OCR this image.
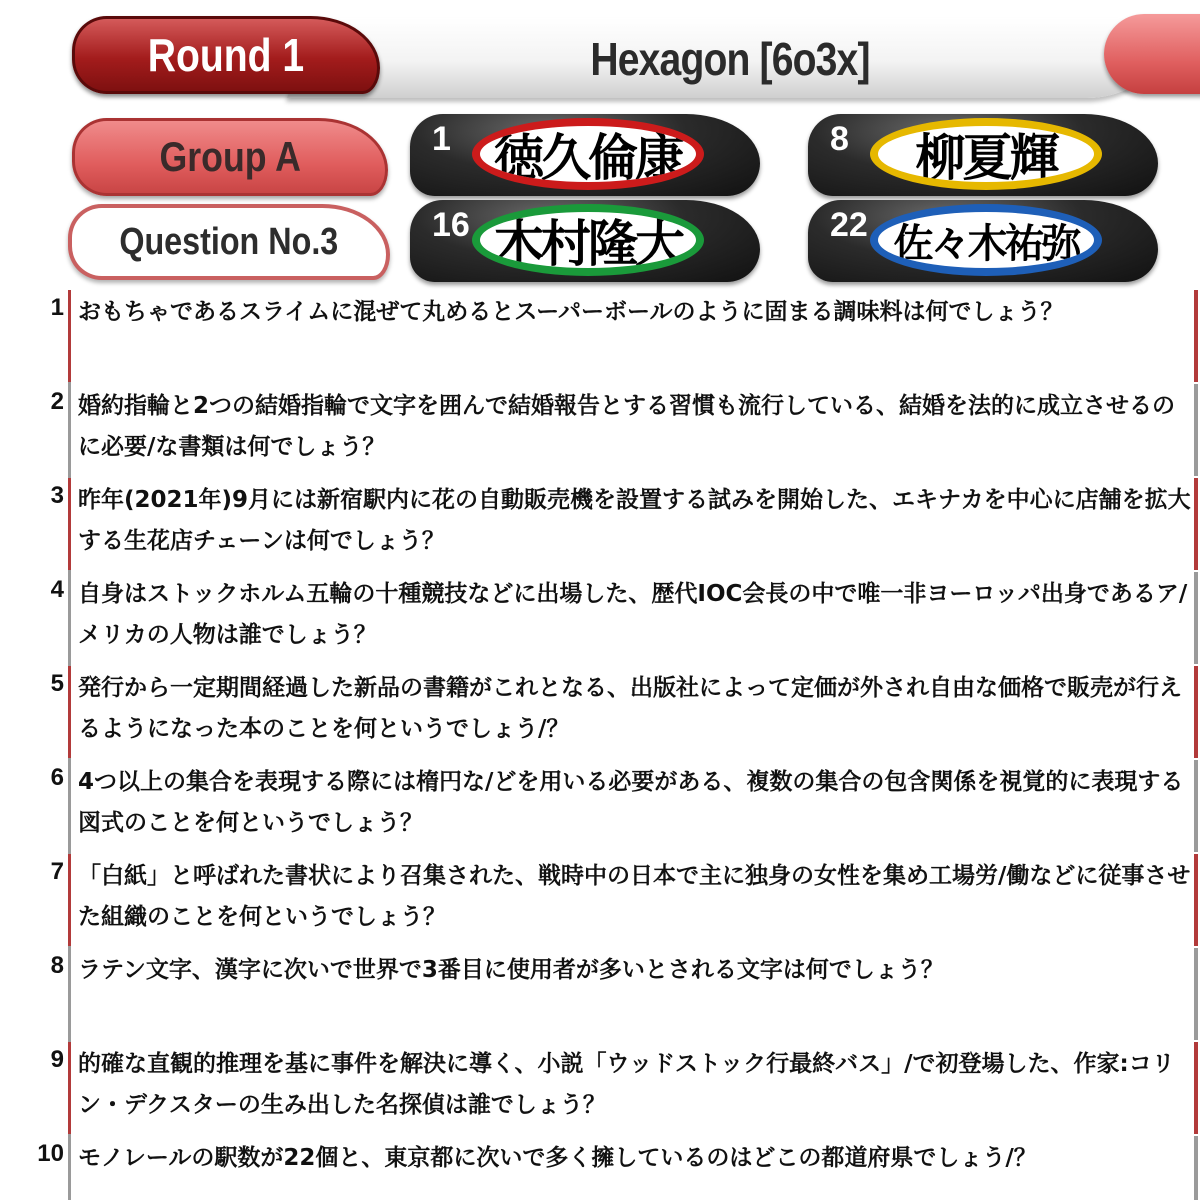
Hexagon [6o3x]
Round 1
Group A
Question No.3
1 徳久倫康	8 柳夏輝
16 木村隆大	22 佐々木祐弥
1 おもちゃであるスライムに混ぜて丸めるとスーパーボールのように固まる調味料は何でしょう？
2 婚約指輪と2つの結婚指輪で文字を囲んで結婚報告とする習慣も流行している、結婚を法的に成立させるのに必要/な書類は何でしょう？
3 昨年(2021年)9月には新宿駅内に花の自動販売機を設置する試みを開始した、エキナカを中心に店舗を拡大する生花店チェーンは何でしょう？
4 自身はストックホルム五輪の十種競技などに出場した、歴代IOC会長の中で唯一非ヨーロッパ出身であるア/メリカの人物は誰でしょう？
5 発行から一定期間経過した新品の書籍がこれとなる、出版社によって定価が外され自由な価格で販売が行えるようになった本のことを何というでしょう/？
6 4つ以上の集合を表現する際には楕円な/どを用いる必要がある、複数の集合の包含関係を視覚的に表現する図式のことを何というでしょう？
7 「白紙」と呼ばれた書状により召集された、戦時中の日本で主に独身の女性を集め工場労/働などに従事させた組織のことを何というでしょう？
8 ラテン文字、漢字に次いで世界で3番目に使用者が多いとされる文字は何でしょう？
9 的確な直観的推理を基に事件を解決に導く、小説「ウッドストック行最終バス」/で初登場した、作家:コリン・デクスターの生み出した名探偵は誰でしょう？
10 モノレールの駅数が22個と、東京都に次いで多く擁しているのはどこの都道府県でしょう/？
